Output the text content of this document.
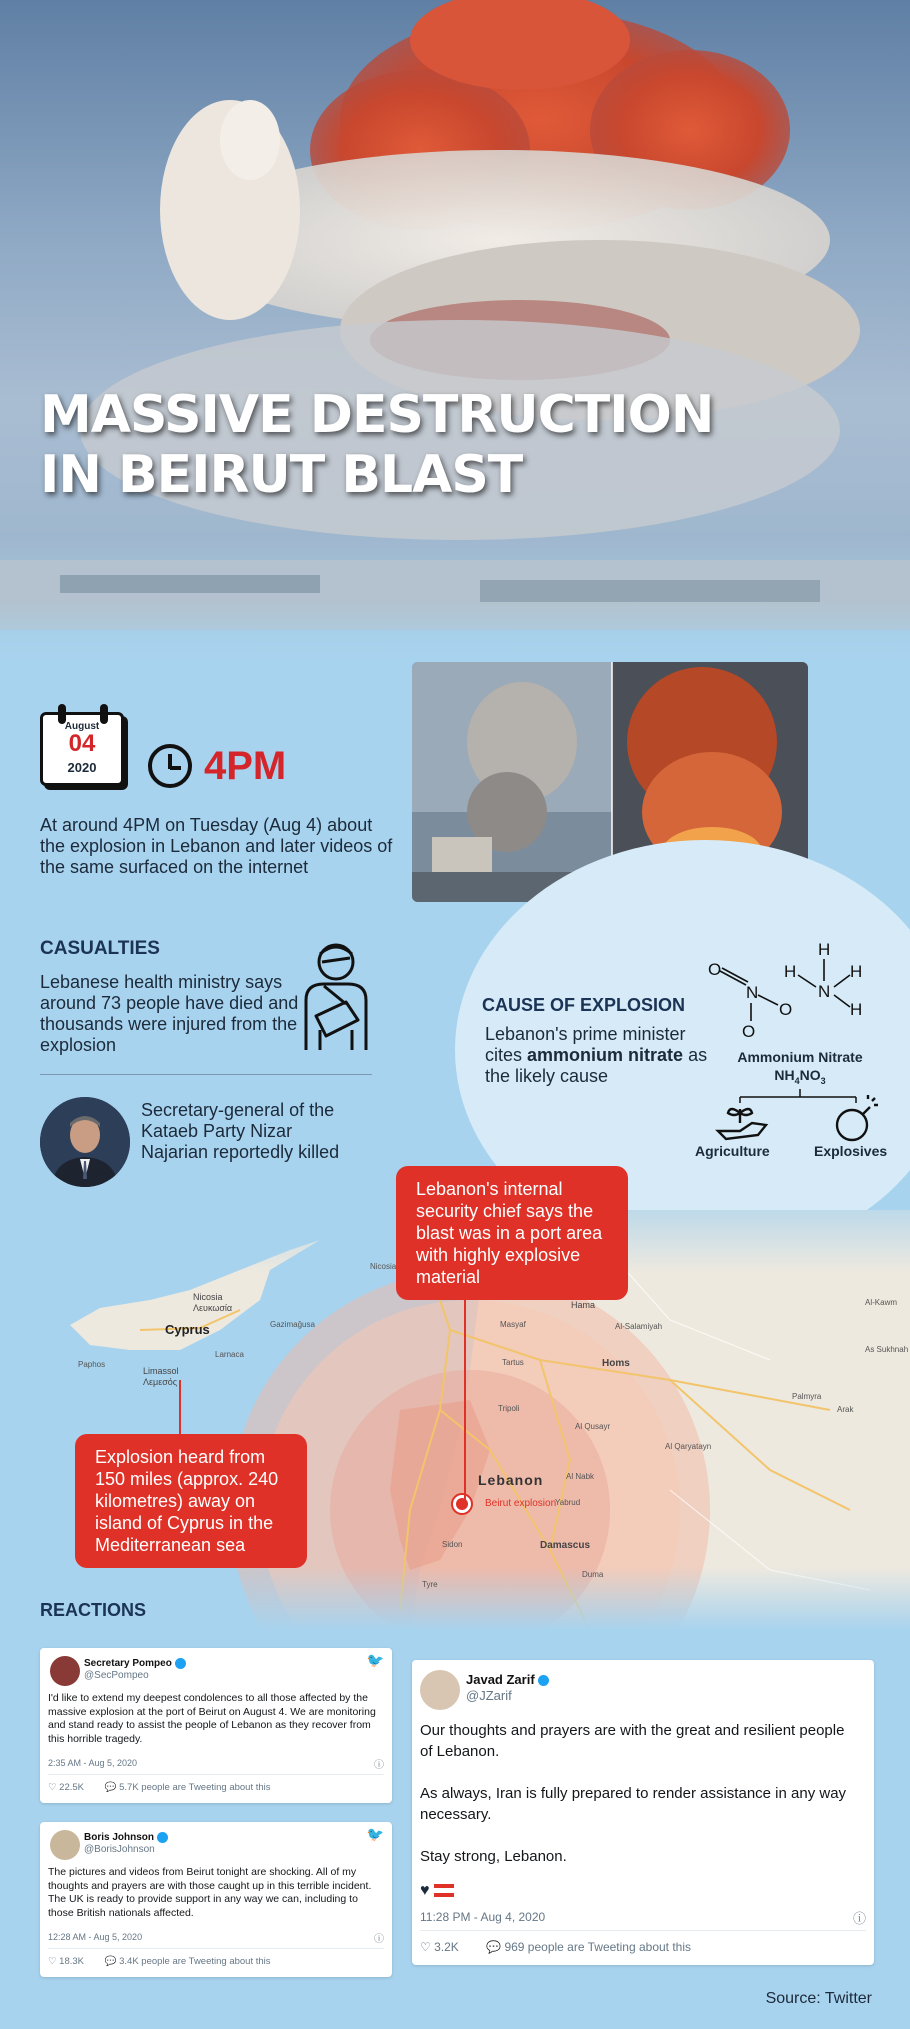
MASSIVE DESTRUCTION
IN BEIRUT BLAST
August
04
2020	4PM
At around 4PM on Tuesday (Aug 4) about the explosion in Lebanon and later videos of the same surfaced on the internet
CASUALTIES
Lebanese health ministry says around 73 people have died and thousands were injured from the explosion
Secretary-general of the Kataeb Party Nizar Najarian reportedly killed
CAUSE OF EXPLOSION
Lebanon's prime minister cites ammonium nitrate as the likely cause
O
N
O
O
H
H
N
H
H
Ammonium Nitrate
$NH_4NO_3$
Agriculture	Explosives
Cyprus
Nicosia
Λευκωσία
Limassol
Λεμεσός
Larnaca
Gazimağusa
Paphos
Lebanon
Beirut explosion
Homs
Hama
Al-Salamiyah
Masyaf
Tartus
Tripoli
Al Qusayr
Al Qaryatayn
Al Nabk
Yabrud
Damascus
Duma
Sidon
Tyre
Palmyra
Arak
As Sukhnah
Al-Kawm
Nicosia
Lebanon's internal security chief says the blast was in a port area with highly explosive material
Explosion heard from 150 miles (approx. 240 kilometres) away on island of Cyprus in the Mediterranean sea
REACTIONS
Secretary Pompeo
@SecPompeo
🐦
I'd like to extend my deepest condolences to all those affected by the massive explosion at the port of Beirut on August 4. We are monitoring and stand ready to assist the people of Lebanon as they recover from this horrible tragedy.
2:35 AM - Aug 5, 2020	ⓘ
♡ 22.5K 💬 5.7K people are Tweeting about this
Boris Johnson
@BorisJohnson
🐦
The pictures and videos from Beirut tonight are shocking. All of my thoughts and prayers are with those caught up in this terrible incident. The UK is ready to provide support in any way we can, including to those British nationals affected.
12:28 AM - Aug 5, 2020	ⓘ
♡ 18.3K 💬 3.4K people are Tweeting about this
Javad Zarif
@JZarif
Our thoughts and prayers are with the great and resilient people of Lebanon.
As always, Iran is fully prepared to render assistance in any way necessary.
Stay strong, Lebanon.
♥
11:28 PM - Aug 4, 2020	ⓘ
♡ 3.2K 💬 969 people are Tweeting about this
Source: Twitter
